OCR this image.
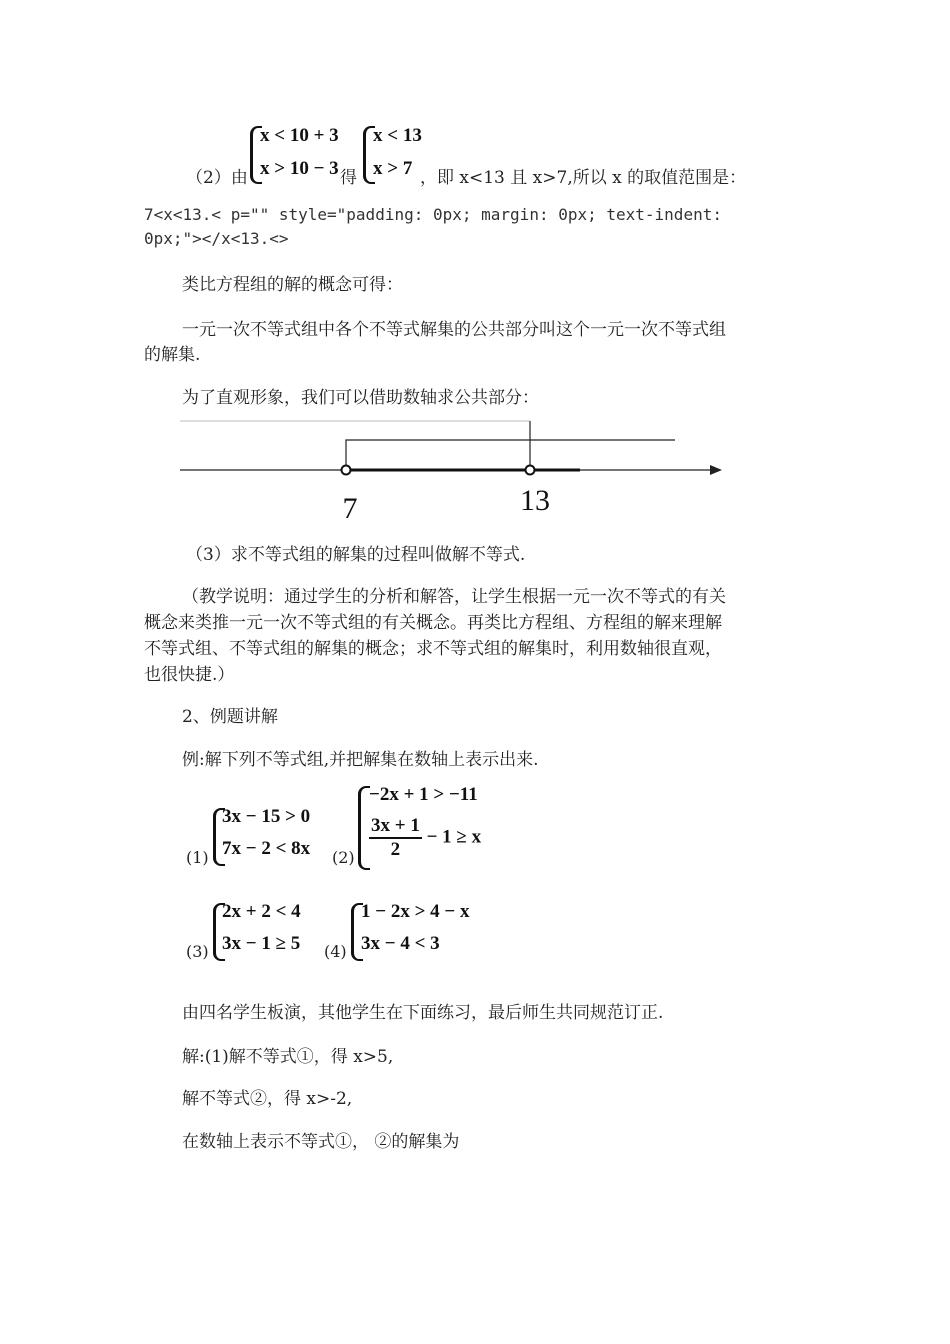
（2）由
x < 10 + 3
x > 10 − 3 得
x < 13
x > 7 ，即 x<13 且 x>7,所以 x 的取值范围是：
7<x<13.< p="" style="padding: 0px; margin: 0px; text-indent:
0px;"></x<13.<>
类比方程组的解的概念可得：
一元一次不等式组中各个不等式解集的公共部分叫这个一元一次不等式组
的解集.
为了直观形象，我们可以借助数轴求公共部分：
7	13
（3）求不等式组的解集的过程叫做解不等式.
（教学说明：通过学生的分析和解答，让学生根据一元一次不等式的有关
概念来类推一元一次不等式组的有关概念。再类比方程组、方程组的解来理解
不等式组、不等式组的解集的概念；求不等式组的解集时，利用数轴很直观，
也很快捷.）
2、例题讲解
例:解下列不等式组,并把解集在数轴上表示出来.
(1)
3x − 15 > 0
7x − 2 < 8x (2)
−2x + 1 > −11
$\frac{3x + 1}{2} - 1 \ge x$
(3)
2x + 2 < 4
3x − 1 ≥ 5 (4)
1 − 2x > 4 − x
3x − 4 < 3
由四名学生板演，其他学生在下面练习，最后师生共同规范订正.
解:(1)解不等式①，得 x>5,
解不等式②，得 x>-2,
在数轴上表示不等式①， ②的解集为
